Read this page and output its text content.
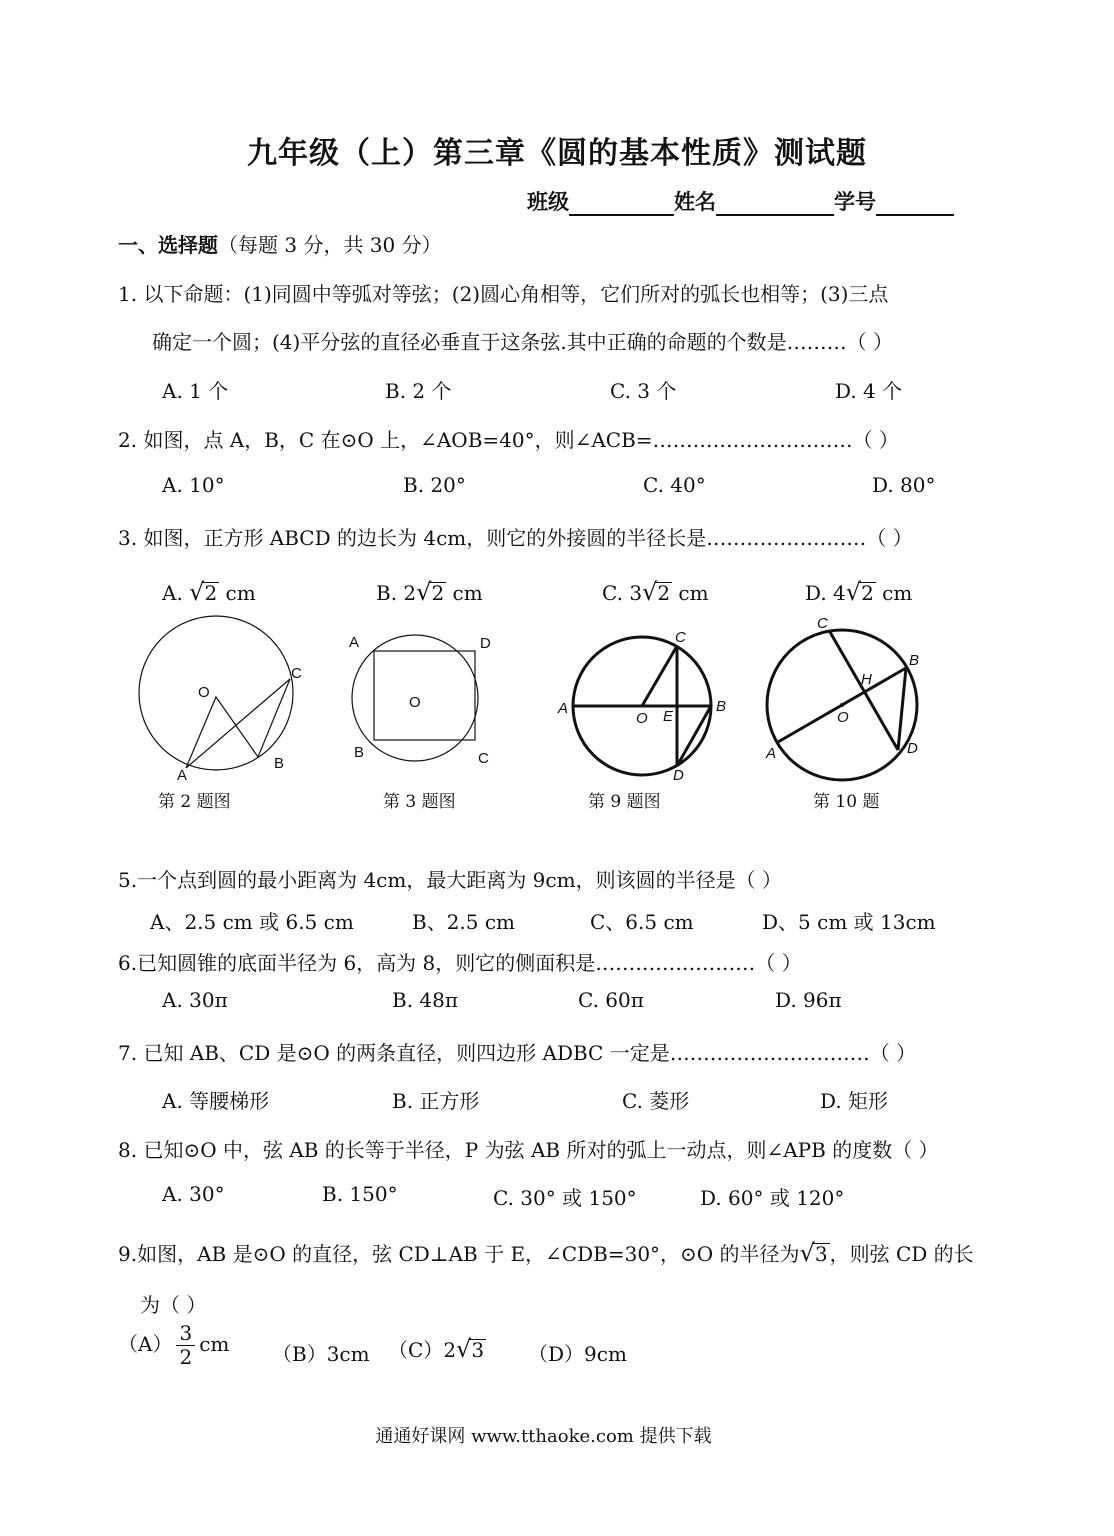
九年级（上）第三章《圆的基本性质》测试题
班级	姓名	学号
一、选择题（每题 3 分，共 30 分）
1. 以下命题：(1)同圆中等弧对等弦；(2)圆心角相等，它们所对的弧长也相等；(3)三点
确定一个圆；(4)平分弦的直径必垂直于这条弦.其中正确的命题的个数是………（ ）
A. 1 个	B. 2 个	C. 3 个	D. 4 个
2. 如图，点 A，B，C 在⊙O 上，∠AOB=40°，则∠ACB=…………………………（ ）
A. 10°	B. 20°	C. 40°	D. 80°
3. 如图，正方形 ABCD 的边长为 4cm，则它的外接圆的半径长是……………………（ ）
A. √2 cm	B. 2√2 cm	C. 3√2 cm	D. 4√2 cm
O
A
B
C
O
A	D
B	C
A	B
C
D
O E
A
B
C
D
O
H
第 2 题图	第 3 题图	第 9 题图	第 10 题
5.一个点到圆的最小距离为 4cm，最大距离为 9cm，则该圆的半径是（ ）
A、2.5 cm 或 6.5 cm	B、2.5 cm	C、6.5 cm	D、5 cm 或 13cm
6.已知圆锥的底面半径为 6，高为 8，则它的侧面积是……………………（ ）
A. 30π	B. 48π	C. 60π	D. 96π
7. 已知 AB、CD 是⊙O 的两条直径，则四边形 ADBC 一定是…………………………（ ）
A. 等腰梯形	B. 正方形	C. 菱形	D. 矩形
8. 已知⊙O 中，弦 AB 的长等于半径，P 为弦 AB 所对的弧上一动点，则∠APB 的度数（ ）
A. 30°	B. 150°	C. 30° 或 150°	D. 60° 或 120°
9.如图，AB 是⊙O 的直径，弦 CD⊥AB 于 E，∠CDB=30°，⊙O 的半径为√3 ，则弦 CD 的长
为（ ）
$(A) \frac{3}{2}$ cm （B）3cm （C）2√3 （D）9cm
通通好课网 www.tthaoke.com 提供下载
